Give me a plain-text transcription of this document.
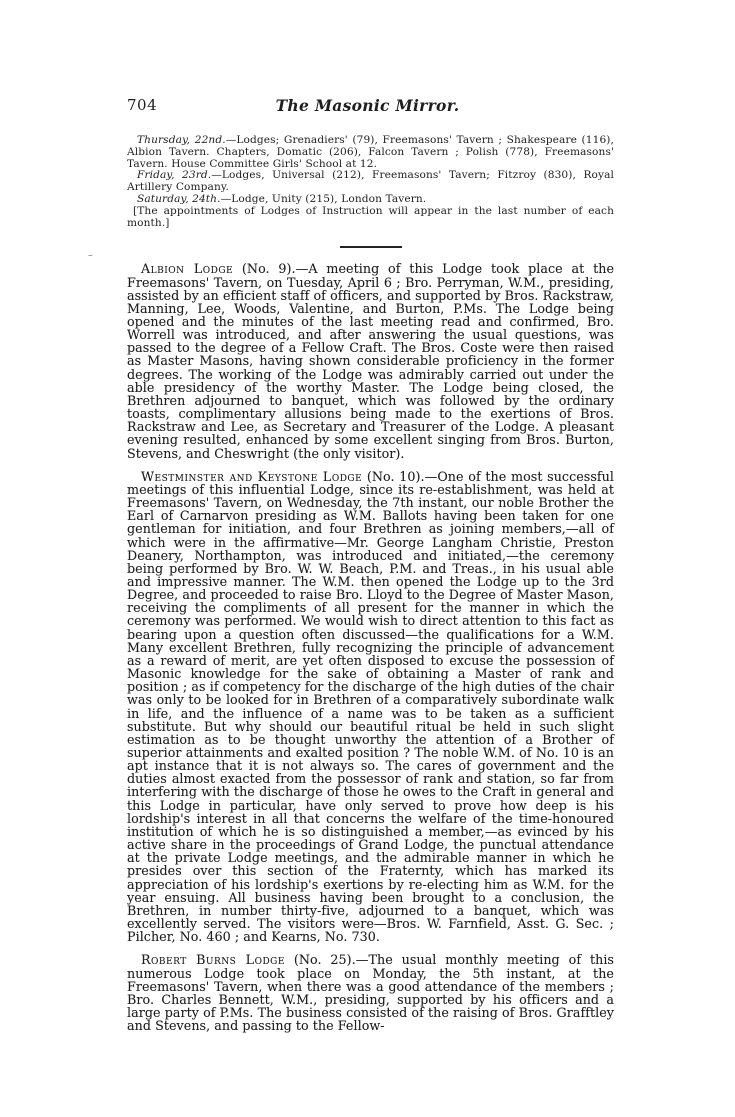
704	The Masonic Mirror.
–

Thursday, 22nd.—Lodges; Grenadiers' (79), Freemasons' Tavern ; Shakespeare (116), Albion Tavern. Chapters, Domatic (206), Falcon Tavern ; Polish (778), Freemasons' Tavern. House Committee Girls' School at 12.

Friday, 23rd.—Lodges, Universal (212), Freemasons' Tavern; Fitzroy (830), Royal Artillery Company.

Saturday, 24th.—Lodge, Unity (215), London Tavern.

[The appointments of Lodges of Instruction will appear in the last number of each month.]

Albion Lodge (No. 9).—A meeting of this Lodge took place at the Freemasons' Tavern, on Tuesday, April 6 ; Bro. Perryman, W.M., presiding, assisted by an efficient staff of officers, and supported by Bros. Rackstraw, Manning, Lee, Woods, Valentine, and Burton, P.Ms. The Lodge being opened and the minutes of the last meeting read and confirmed, Bro. Worrell was introduced, and after answering the usual questions, was passed to the degree of a Fellow Craft. The Bros. Coste were then raised as Master Masons, having shown considerable proficiency in the former degrees. The working of the Lodge was admirably carried out under the able presidency of the worthy Master. The Lodge being closed, the Brethren adjourned to banquet, which was followed by the ordinary toasts, complimentary allusions being made to the exertions of Bros. Rackstraw and Lee, as Secretary and Treasurer of the Lodge. A pleasant evening resulted, enhanced by some excellent singing from Bros. Burton, Stevens, and Cheswright (the only visitor).

Westminster and Keystone Lodge (No. 10).—One of the most successful meetings of this influential Lodge, since its re-establishment, was held at Freemasons' Tavern, on Wednesday, the 7th instant, our noble Brother the Earl of Carnarvon presiding as W.M. Ballots having been taken for one gentleman for initiation, and four Brethren as joining members,—all of which were in the affirmative—Mr. George Langham Christie, Preston Deanery, Northampton, was introduced and initiated,—the ceremony being performed by Bro. W. W. Beach, P.M. and Treas., in his usual able and impressive manner. The W.M. then opened the Lodge up to the 3rd Degree, and proceeded to raise Bro. Lloyd to the Degree of Master Mason, receiving the compliments of all present for the manner in which the ceremony was performed. We would wish to direct attention to this fact as bearing upon a question often discussed—the qualifications for a W.M. Many excellent Brethren, fully recognizing the principle of advancement as a reward of merit, are yet often disposed to excuse the possession of Masonic knowledge for the sake of obtaining a Master of rank and position ; as if competency for the discharge of the high duties of the chair was only to be looked for in Brethren of a comparatively subordinate walk in life, and the influence of a name was to be taken as a sufficient substitute. But why should our beautiful ritual be held in such slight estimation as to be thought unworthy the attention of a Brother of superior attainments and exalted position ? The noble W.M. of No. 10 is an apt instance that it is not always so. The cares of government and the duties almost exacted from the possessor of rank and station, so far from interfering with the discharge of those he owes to the Craft in general and this Lodge in particular, have only served to prove how deep is his lordship's interest in all that concerns the welfare of the time-honoured institution of which he is so distinguished a member,—as evinced by his active share in the proceedings of Grand Lodge, the punctual attendance at the private Lodge meetings, and the admirable manner in which he presides over this section of the Fraternty, which has marked its appreciation of his lordship's exertions by re-electing him as W.M. for the year ensuing. All business having been brought to a conclusion, the Brethren, in number thirty-five, adjourned to a banquet, which was excellently served. The visitors were—Bros. W. Farnfield, Asst. G. Sec. ; Pilcher, No. 460 ; and Kearns, No. 730.

Robert Burns Lodge (No. 25).—The usual monthly meeting of this numerous Lodge took place on Monday, the 5th instant, at the Freemasons' Tavern, when there was a good attendance of the members ; Bro. Charles Bennett, W.M., presiding, supported by his officers and a large party of P.Ms. The business consisted of the raising of Bros. Grafftley and Stevens, and passing to the Fellow-
